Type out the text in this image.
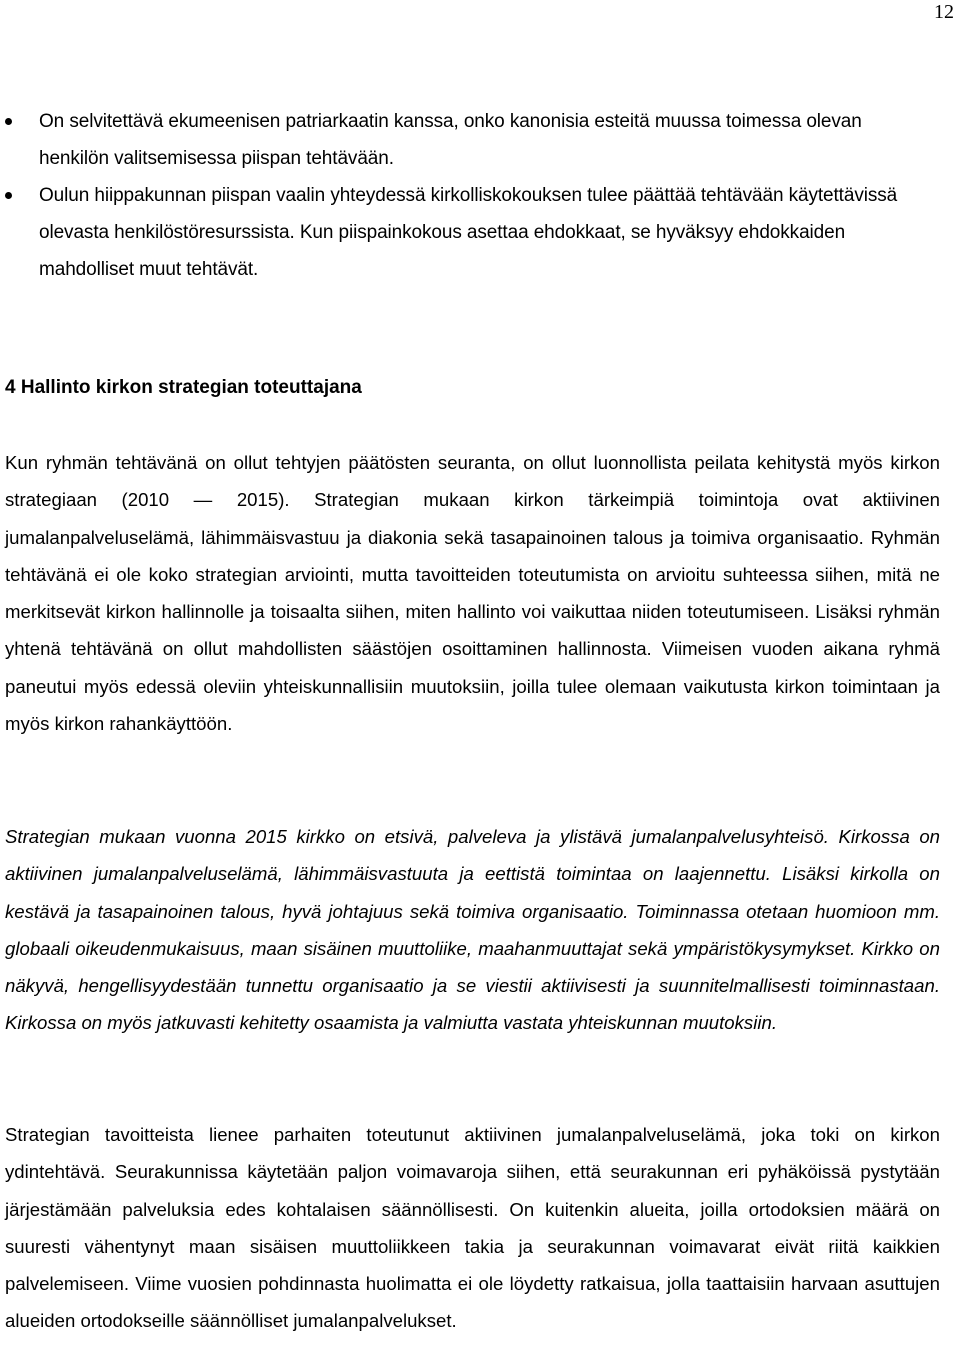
12
On selvitettävä ekumeenisen patriarkaatin kanssa, onko kanonisia esteitä muussa toimessa olevan henkilön valitsemisessa piispan tehtävään.
Oulun hiippakunnan piispan vaalin yhteydessä kirkolliskokouksen tulee päättää tehtävään käytettävissä olevasta henkilöstöresurssista. Kun piispainkokous asettaa ehdokkaat, se hyväksyy ehdokkaiden mahdolliset muut tehtävät.
4 Hallinto kirkon strategian toteuttajana

Kun ryhmän tehtävänä on ollut tehtyjen päätösten seuranta, on ollut luonnollista peilata kehitystä myös kirkon strategiaan (2010 — 2015). Strategian mukaan kirkon tärkeimpiä toimintoja ovat aktiivinen jumalanpalveluselämä, lähimmäisvastuu ja diakonia sekä tasapainoinen talous ja toimiva organisaatio. Ryhmän tehtävänä ei ole koko strategian arviointi, mutta tavoitteiden toteutumista on arvioitu suhteessa siihen, mitä ne merkitsevät kirkon hallinnolle ja toisaalta siihen, miten hallinto voi vaikuttaa niiden toteutumiseen. Lisäksi ryhmän yhtenä tehtävänä on ollut mahdollisten säästöjen osoittaminen hallinnosta. Viimeisen vuoden aikana ryhmä paneutui myös edessä oleviin yhteiskunnallisiin muutoksiin, joilla tulee olemaan vaikutusta kirkon toimintaan ja myös kirkon rahankäyttöön.

Strategian mukaan vuonna 2015 kirkko on etsivä, palveleva ja ylistävä jumalanpalvelusyhteisö. Kirkossa on aktiivinen jumalanpalveluselämä, lähimmäisvastuuta ja eettistä toimintaa on laajennettu. Lisäksi kirkolla on kestävä ja tasapainoinen talous, hyvä johtajuus sekä toimiva organisaatio. Toiminnassa otetaan huomioon mm. globaali oikeudenmukaisuus, maan sisäinen muuttoliike, maahanmuuttajat sekä ympäristökysymykset. Kirkko on näkyvä, hengellisyydestään tunnettu organisaatio ja se viestii aktiivisesti ja suunnitelmallisesti toiminnastaan. Kirkossa on myös jatkuvasti kehitetty osaamista ja valmiutta vastata yhteiskunnan muutoksiin.

Strategian tavoitteista lienee parhaiten toteutunut aktiivinen jumalanpalveluselämä, joka toki on kirkon ydintehtävä. Seurakunnissa käytetään paljon voimavaroja siihen, että seurakunnan eri pyhäköissä pystytään järjestämään palveluksia edes kohtalaisen säännöllisesti. On kuitenkin alueita, joilla ortodoksien määrä on suuresti vähentynyt maan sisäisen muuttoliikkeen takia ja seurakunnan voimavarat eivät riitä kaikkien palvelemiseen. Viime vuosien pohdinnasta huolimatta ei ole löydetty ratkaisua, jolla taattaisiin harvaan asuttujen alueiden ortodokseille säännölliset jumalanpalvelukset.
